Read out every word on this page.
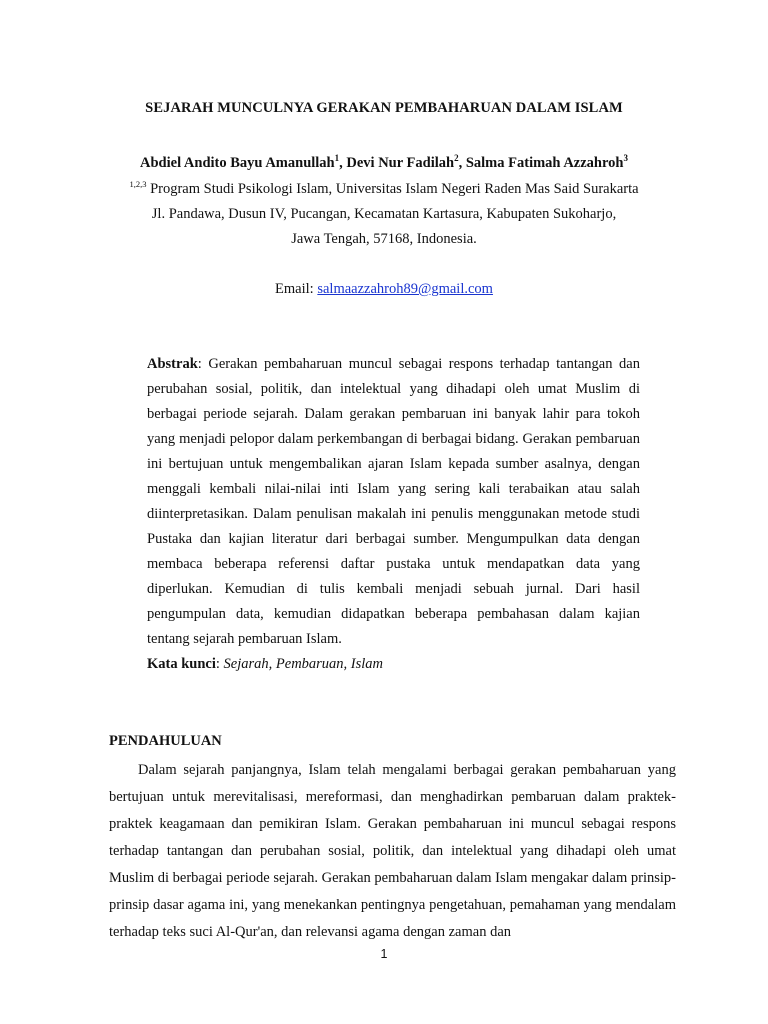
SEJARAH MUNCULNYA GERAKAN PEMBAHARUAN DALAM ISLAM
Abdiel Andito Bayu Amanullah$^1$, Devi Nur Fadilah$^2$, Salma Fatimah Azzahroh$^3$
$^{1,2,3}$ Program Studi Psikologi Islam, Universitas Islam Negeri Raden Mas Said Surakarta
Jl. Pandawa, Dusun IV, Pucangan, Kecamatan Kartasura, Kabupaten Sukoharjo,
Jawa Tengah, 57168, Indonesia.
Email: salmaazzahroh89@gmail.com

Abstrak: Gerakan pembaharuan muncul sebagai respons terhadap tantangan dan perubahan sosial, politik, dan intelektual yang dihadapi oleh umat Muslim di berbagai periode sejarah. Dalam gerakan pembaruan ini banyak lahir para tokoh yang menjadi pelopor dalam perkembangan di berbagai bidang. Gerakan pembaruan ini bertujuan untuk mengembalikan ajaran Islam kepada sumber asalnya, dengan menggali kembali nilai-nilai inti Islam yang sering kali terabaikan atau salah diinterpretasikan. Dalam penulisan makalah ini penulis menggunakan metode studi Pustaka dan kajian literatur dari berbagai sumber. Mengumpulkan data dengan membaca beberapa referensi daftar pustaka untuk mendapatkan data yang diperlukan. Kemudian di tulis kembali menjadi sebuah jurnal. Dari hasil pengumpulan data, kemudian didapatkan beberapa pembahasan dalam kajian tentang sejarah pembaruan Islam.

Kata kunci: Sejarah, Pembaruan, Islam
PENDAHULUAN

Dalam sejarah panjangnya, Islam telah mengalami berbagai gerakan pembaharuan yang bertujuan untuk merevitalisasi, mereformasi, dan menghadirkan pembaruan dalam praktek-praktek keagamaan dan pemikiran Islam. Gerakan pembaharuan ini muncul sebagai respons terhadap tantangan dan perubahan sosial, politik, dan intelektual yang dihadapi oleh umat Muslim di berbagai periode sejarah. Gerakan pembaharuan dalam Islam mengakar dalam prinsip-prinsip dasar agama ini, yang menekankan pentingnya pengetahuan, pemahaman yang mendalam terhadap teks suci Al-Qur'an, dan relevansi agama dengan zaman dan

1
